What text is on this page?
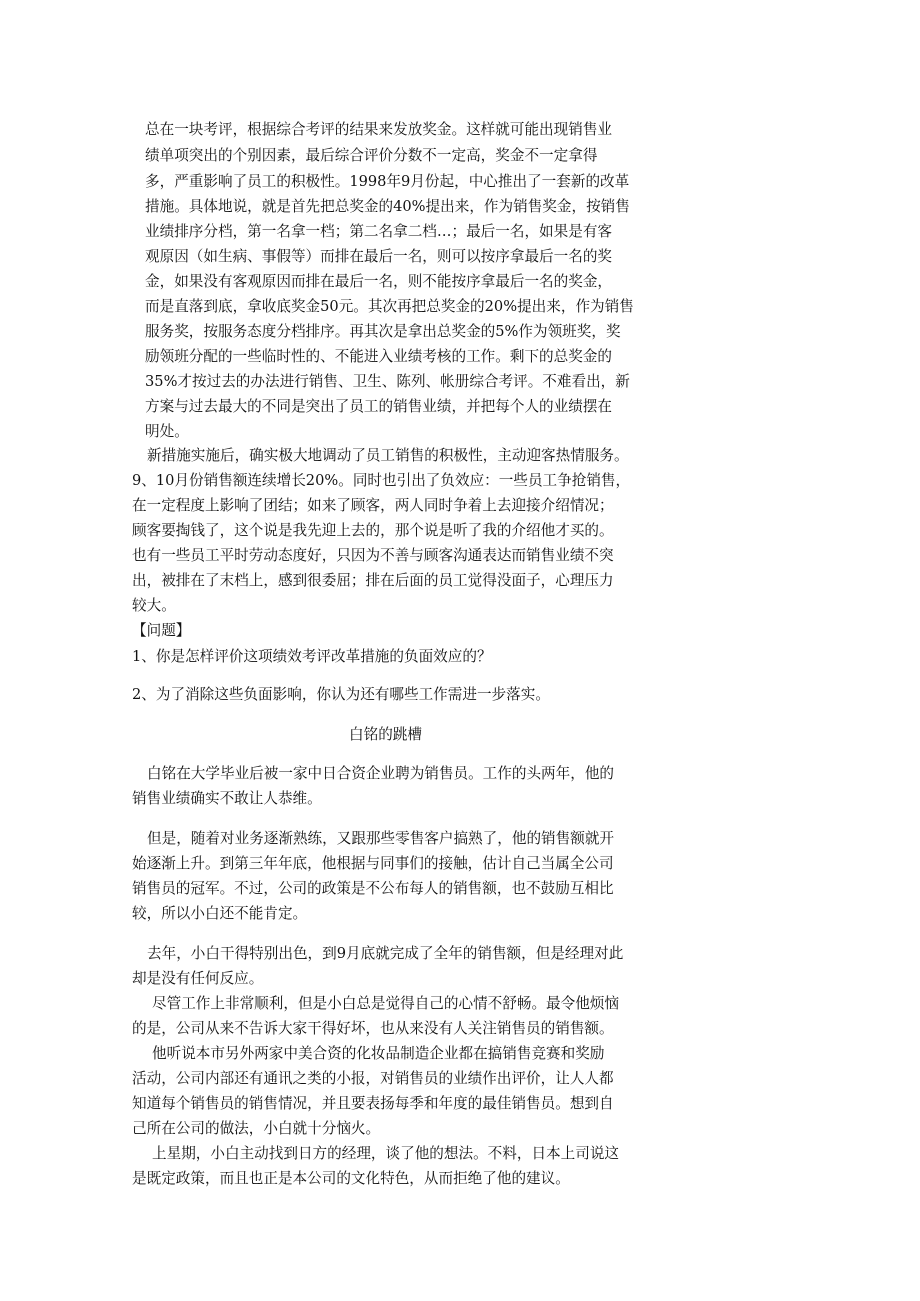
总在一块考评，根据综合考评的结果来发放奖金。这样就可能出现销售业
绩单项突出的个别因素，最后综合评价分数不一定高，奖金不一定拿得
多，严重影响了员工的积极性。1998年9月份起，中心推出了一套新的改革
措施。具体地说，就是首先把总奖金的40%提出来，作为销售奖金，按销售
业绩排序分档，第一名拿一档；第二名拿二档…；最后一名，如果是有客
观原因（如生病、事假等）而排在最后一名，则可以按序拿最后一名的奖
金，如果没有客观原因而排在最后一名，则不能按序拿最后一名的奖金，
而是直落到底，拿收底奖金50元。其次再把总奖金的20%提出来，作为销售
服务奖，按服务态度分档排序。再其次是拿出总奖金的5%作为领班奖，奖
励领班分配的一些临时性的、不能进入业绩考核的工作。剩下的总奖金的
35%才按过去的办法进行销售、卫生、陈列、帐册综合考评。不难看出，新
方案与过去最大的不同是突出了员工的销售业绩，并把每个人的业绩摆在
明处。
新措施实施后，确实极大地调动了员工销售的积极性，主动迎客热情服务。
9、10月份销售额连续增长20%。同时也引出了负效应：一些员工争抢销售，
在一定程度上影响了团结；如来了顾客，两人同时争着上去迎接介绍情况；
顾客要掏钱了，这个说是我先迎上去的，那个说是听了我的介绍他才买的。
也有一些员工平时劳动态度好，只因为不善与顾客沟通表达而销售业绩不突
出，被排在了末档上，感到很委屈；排在后面的员工觉得没面子，心理压力
较大。
【问题】
1、你是怎样评价这项绩效考评改革措施的负面效应的？
2、为了消除这些负面影响，你认为还有哪些工作需进一步落实。
白铭的跳槽
白铭在大学毕业后被一家中日合资企业聘为销售员。工作的头两年，他的
销售业绩确实不敢让人恭维。
但是，随着对业务逐渐熟练，又跟那些零售客户搞熟了，他的销售额就开
始逐渐上升。到第三年年底，他根据与同事们的接触，估计自己当属全公司
销售员的冠军。不过，公司的政策是不公布每人的销售额，也不鼓励互相比
较，所以小白还不能肯定。
去年，小白干得特别出色，到9月底就完成了全年的销售额，但是经理对此
却是没有任何反应。
尽管工作上非常顺利，但是小白总是觉得自己的心情不舒畅。最令他烦恼
的是，公司从来不告诉大家干得好坏，也从来没有人关注销售员的销售额。
他听说本市另外两家中美合资的化妆品制造企业都在搞销售竞赛和奖励
活动，公司内部还有通讯之类的小报，对销售员的业绩作出评价，让人人都
知道每个销售员的销售情况，并且要表扬每季和年度的最佳销售员。想到自
己所在公司的做法，小白就十分恼火。
上星期，小白主动找到日方的经理，谈了他的想法。不料，日本上司说这
是既定政策，而且也正是本公司的文化特色，从而拒绝了他的建议。
